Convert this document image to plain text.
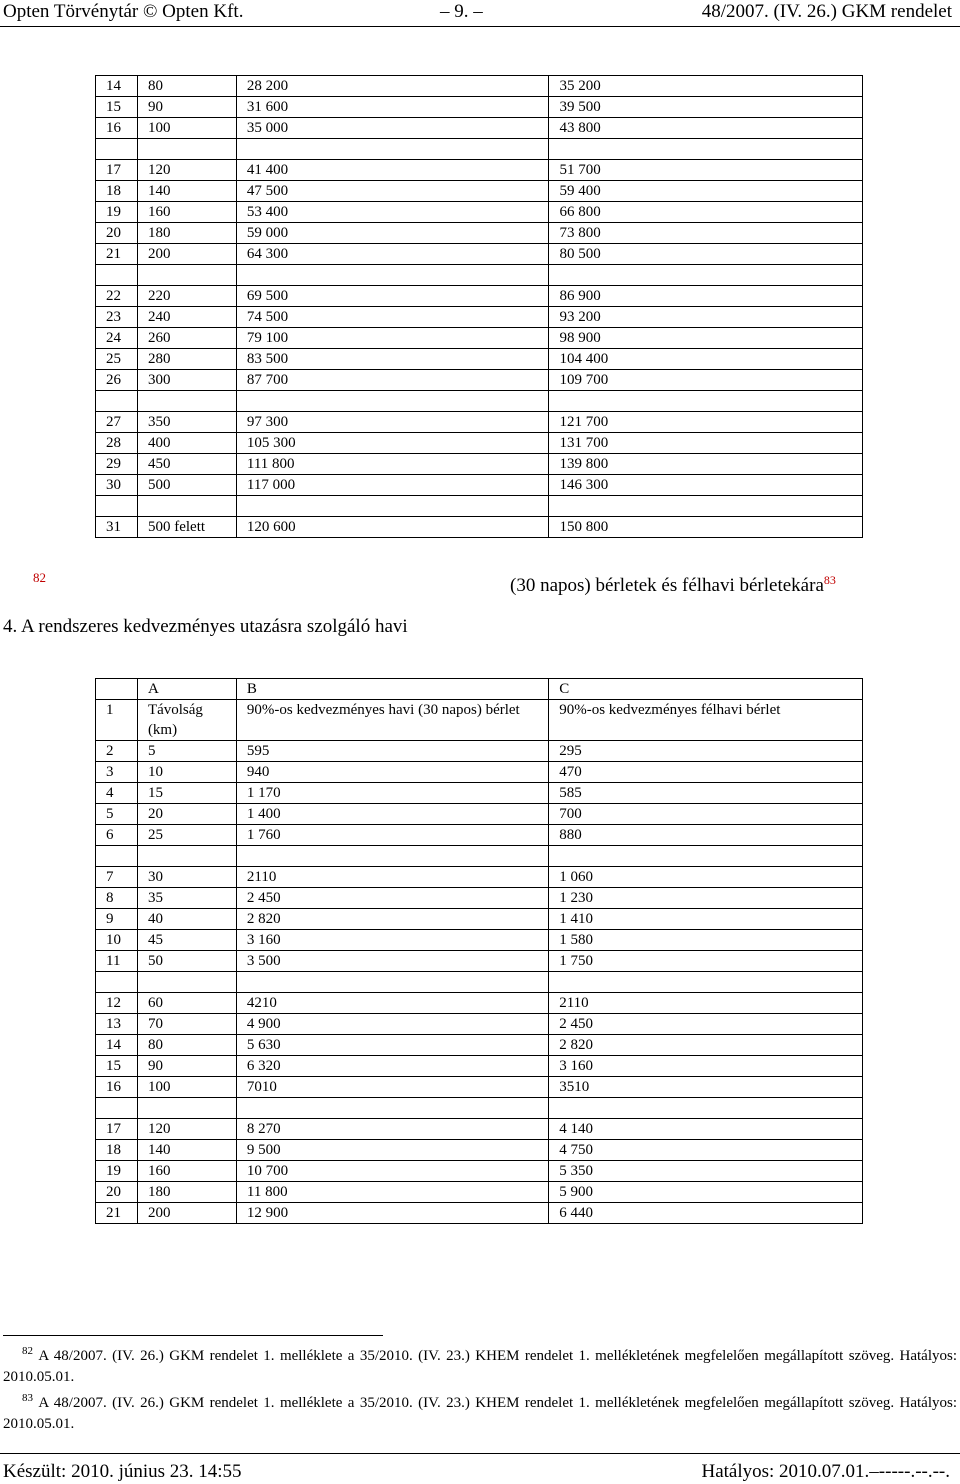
Opten Törvénytár © Opten Kft.	– 9. –	48/2007. (IV. 26.) GKM rendelet
14	80	28 200	35 200
15	90	31 600	39 500
16	100	35 000	43 800

17	120	41 400	51 700
18	140	47 500	59 400
19	160	53 400	66 800
20	180	59 000	73 800
21	200	64 300	80 500

22	220	69 500	86 900
23	240	74 500	93 200
24	260	79 100	98 900
25	280	83 500	104 400
26	300	87 700	109 700

27	350	97 300	121 700
28	400	105 300	131 700
29	450	111 800	139 800
30	500	117 000	146 300

31	500 felett	120 600	150 800
82	(30 napos) bérletek és félhavi bérletekára$^{83}$
4. A rendszeres kedvezményes utazásra szolgáló havi
	A	B	C
1	Távolság (km)	90%-os kedvezményes havi (30 napos) bérlet	90%-os kedvezményes félhavi bérlet
2	5	595	295
3	10	940	470
4	15	1 170	585
5	20	1 400	700
6	25	1 760	880

7	30	2110	1 060
8	35	2 450	1 230
9	40	2 820	1 410
10	45	3 160	1 580
11	50	3 500	1 750

12	60	4210	2110
13	70	4 900	2 450
14	80	5 630	2 820
15	90	6 320	3 160
16	100	7010	3510

17	120	8 270	4 140
18	140	9 500	4 750
19	160	10 700	5 350
20	180	11 800	5 900
21	200	12 900	6 440
$^{82}$ A 48/2007. (IV. 26.) GKM rendelet 1. melléklete a 35/2010. (IV. 23.) KHEM rendelet 1. mellékletének megfelelően megállapított szöveg. Hatályos: 2010.05.01.
$^{83}$ A 48/2007. (IV. 26.) GKM rendelet 1. melléklete a 35/2010. (IV. 23.) KHEM rendelet 1. mellékletének megfelelően megállapított szöveg. Hatályos: 2010.05.01.
Készült: 2010. június 23. 14:55	Hatályos: 2010.07.01.–-----.--.--.
